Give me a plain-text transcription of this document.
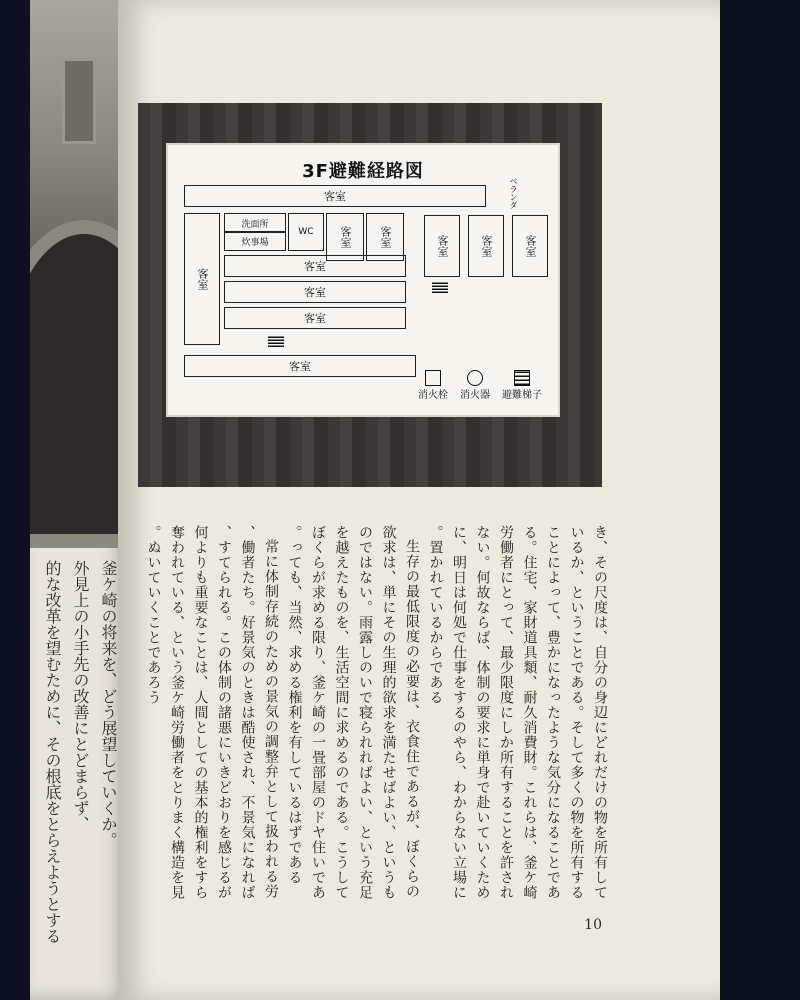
釜ケ崎の将来を、どう展望していくか。
外見上の小手先の改善にとどまらず、
的な改革を望むために、その根底をとらえようとする
3F避難経路図
客室	ベランダ
客室
洗面所
炊事場
WC	客室 客室
客室
客室
客室
客室
客室	客室	客室
消火栓 消火器 避難梯子
き、その尺度は、自分の身辺にどれだけの物を所有して
いるか、ということである。そして多くの物を所有する
ことによって、豊かになったような気分になることであ
る。住宅、家財道具類、耐久消費財。これらは、釜ケ崎
労働者にとって、最少限度にしか所有することを許され
ない。何故ならば、体制の要求に単身で赴いていくため
に、明日は何処で仕事をするのやら、わからない立場に
置かれているからである。
生存の最低限度の必要は、衣食住であるが、ぼくらの
欲求は、単にその生理的欲求を満たせばよい、というも
のではない。雨露しのいで寝られればよい、という充足
を越えたものを、生活空間に求めるのである。こうして
ぼくらが求める限り、釜ケ崎の一畳部屋のドヤ住いであ
っても、当然、求める権利を有しているはずである。
常に体制存続のための景気の調整弁として扱われる労
働者たち。好景気のときは酷使され、不景気になれば、
すてられる。この体制の諸悪にいきどおりを感じるが、
何よりも重要なことは、人間としての基本的権利をすら
奪われている、という釜ケ崎労働者をとりまく構造を見
ぬいていくことであろう。
10
